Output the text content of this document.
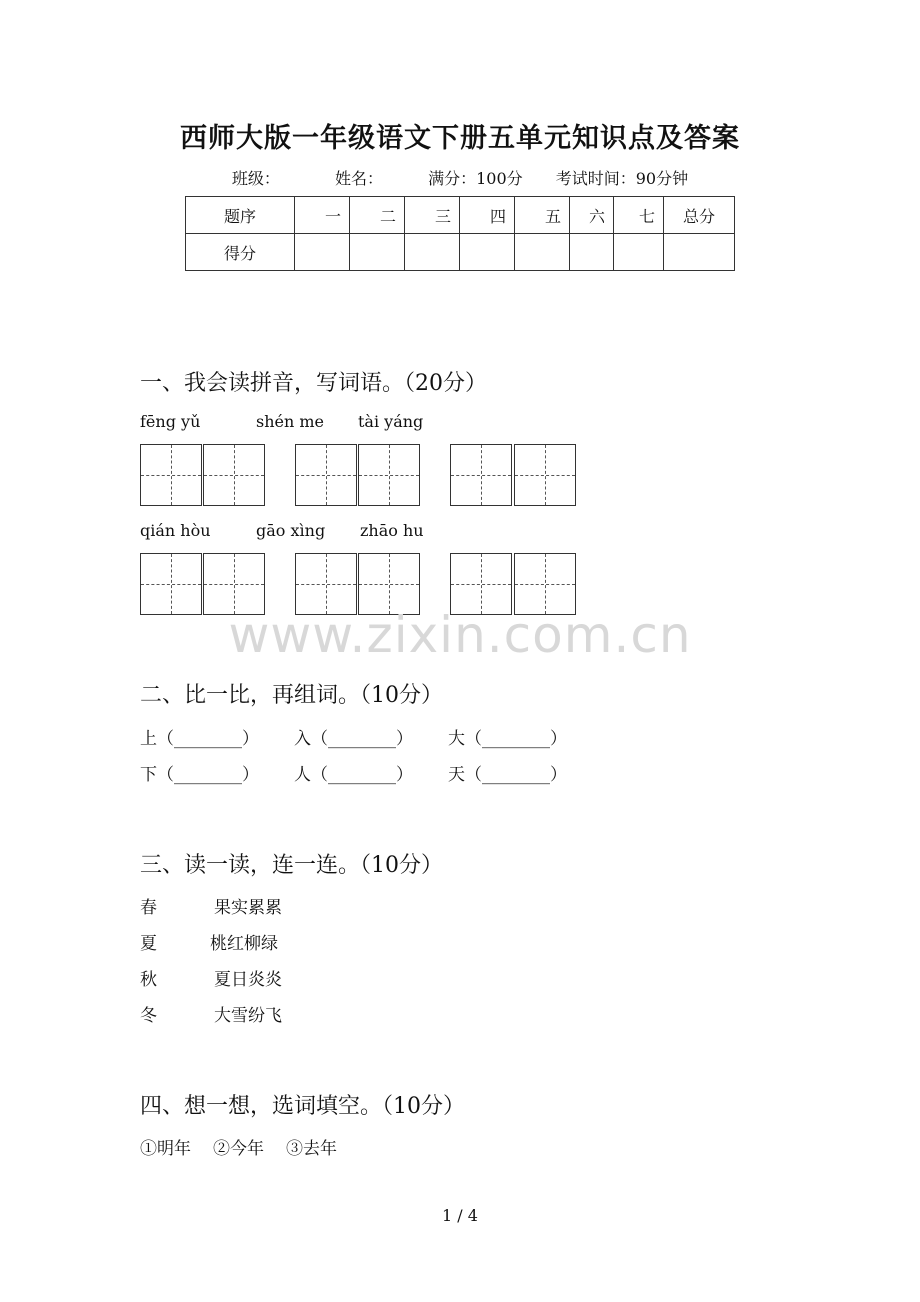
西师大版一年级语文下册五单元知识点及答案
班级：	姓名：	满分：100分 考试时间：90分钟
题序	一	二	三	四	五	六	七	总分
得分								
一、我会读拼音，写词语。（20分）
fēng yǔ	shén me tài yáng
qián hòu	gāo xìng zhāo hu
www.zixin.com.cn
二、比一比，再组词。（10分）
上（________） 入（________） 大（________）
下（________） 人（________） 天（________）
三、读一读，连一连。（10分）
春	果实累累
夏	桃红柳绿
秋	夏日炎炎
冬	大雪纷飞
四、想一想，选词填空。（10分）
①明年 ②今年 ③去年
1 / 4
